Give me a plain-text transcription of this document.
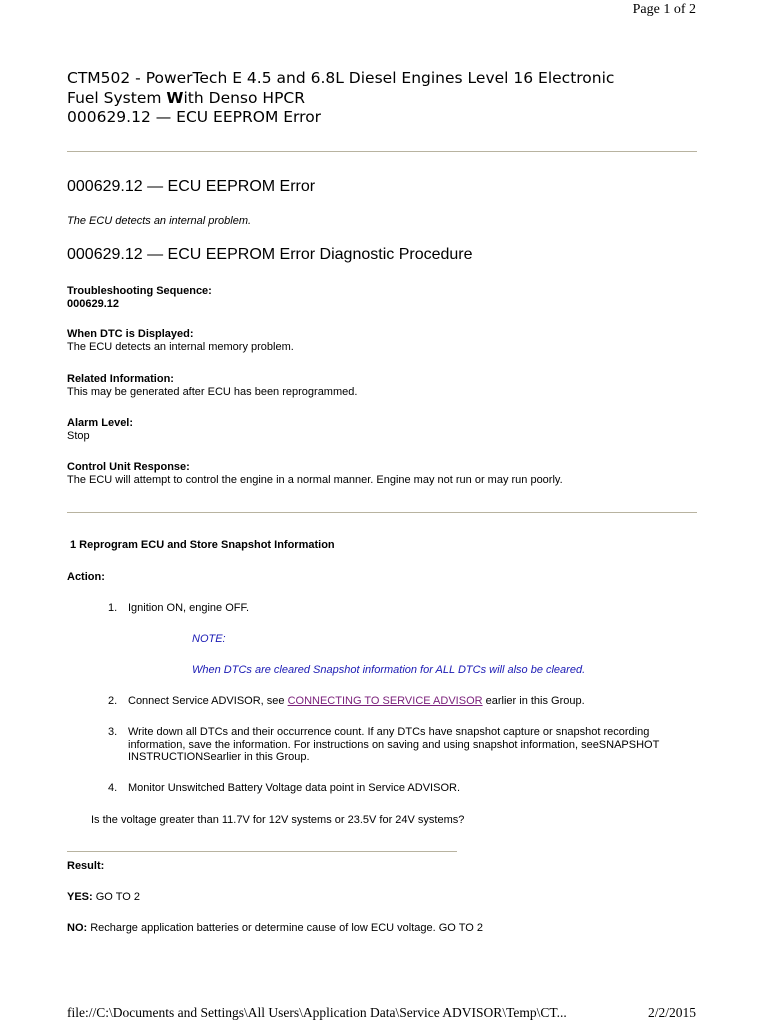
Page 1 of 2
CTM502 - PowerTech E 4.5 and 6.8L Diesel Engines Level 16 Electronic
Fuel System With Denso HPCR
000629.12 — ECU EEPROM Error
000629.12 — ECU EEPROM Error
The ECU detects an internal problem.
000629.12 — ECU EEPROM Error Diagnostic Procedure
Troubleshooting Sequence:
000629.12
When DTC is Displayed:
The ECU detects an internal memory problem.
Related Information:
This may be generated after ECU has been reprogrammed.
Alarm Level:
Stop
Control Unit Response:
The ECU will attempt to control the engine in a normal manner. Engine may not run or may run poorly.
1 Reprogram ECU and Store Snapshot Information
Action:
1. Ignition ON, engine OFF.
NOTE:
When DTCs are cleared Snapshot information for ALL DTCs will also be cleared.
2. Connect Service ADVISOR, see CONNECTING TO SERVICE ADVISOR earlier in this Group.
3. Write down all DTCs and their occurrence count. If any DTCs have snapshot capture or snapshot recording information, save the information. For instructions on saving and using snapshot information, seeSNAPSHOT INSTRUCTIONSearlier in this Group.
4. Monitor Unswitched Battery Voltage data point in Service ADVISOR.
Is the voltage greater than 11.7V for 12V systems or 23.5V for 24V systems?
Result:
YES: GO TO 2
NO: Recharge application batteries or determine cause of low ECU voltage. GO TO 2
file://C:\Documents and Settings\All Users\Application Data\Service ADVISOR\Temp\CT...	2/2/2015
